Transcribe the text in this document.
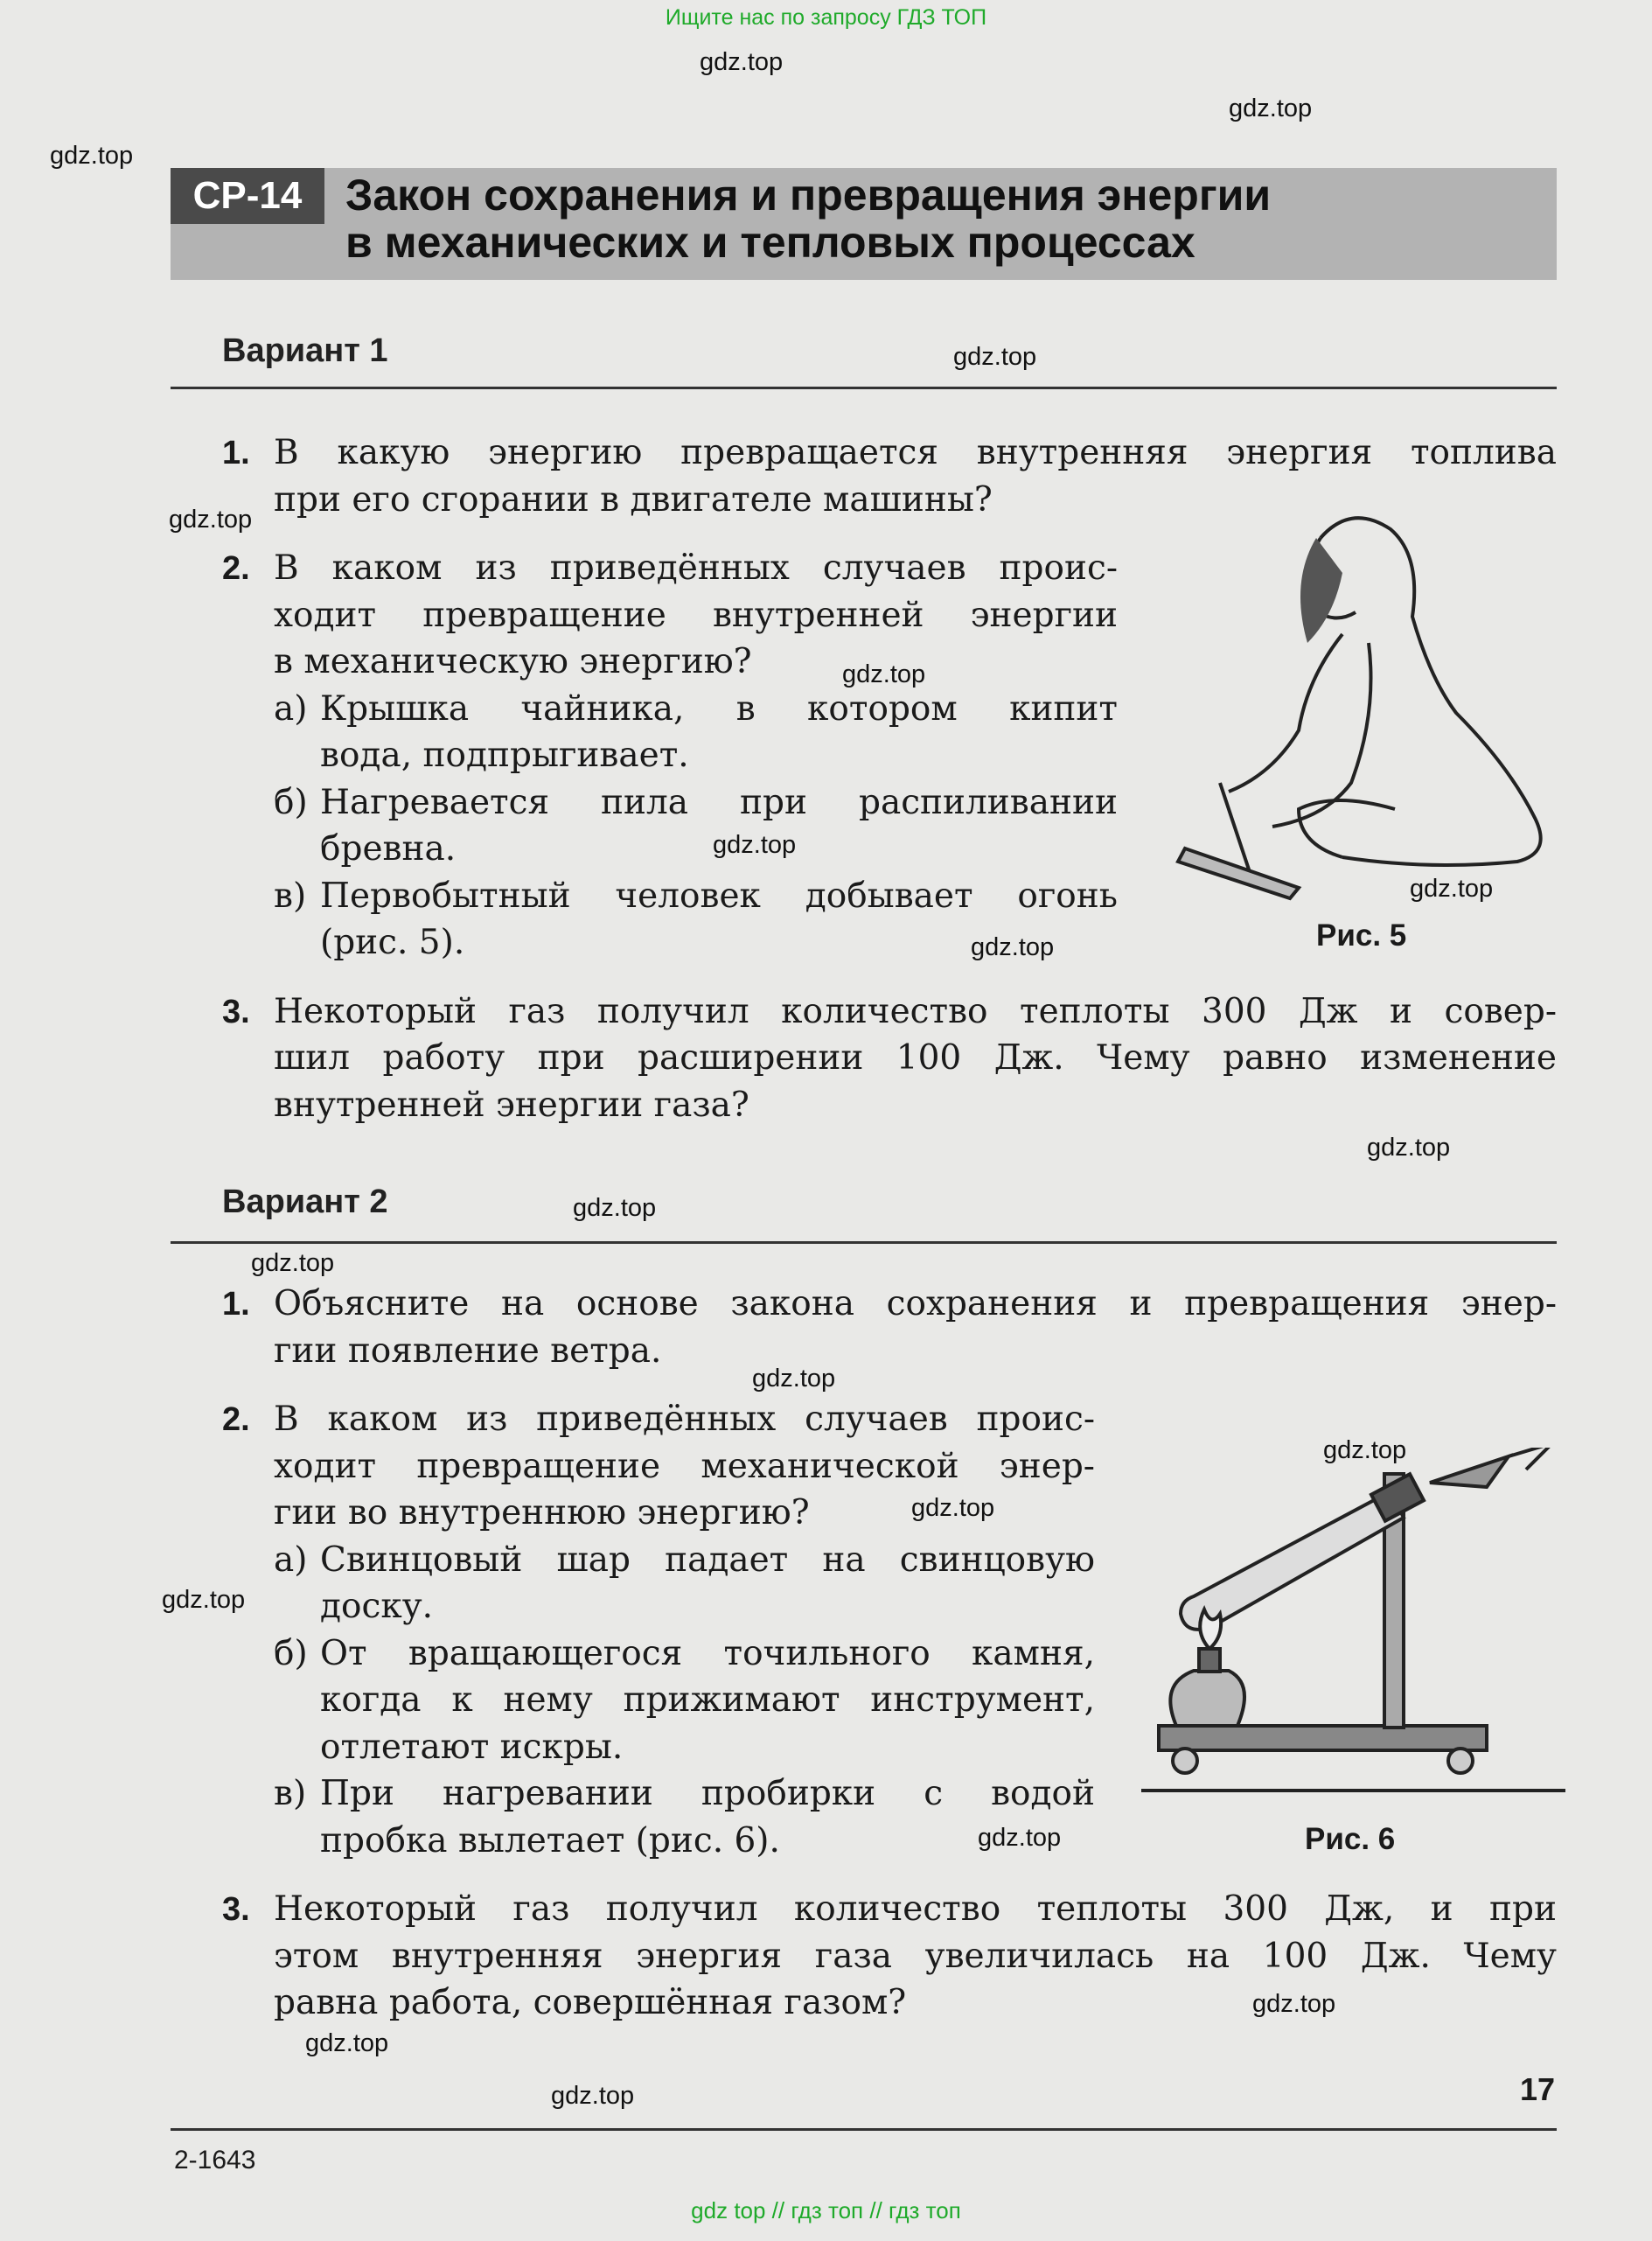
Ищите нас по запросу ГДЗ ТОП
СР-14 Закон сохранения и превращения энергии
в механических и тепловых процессах
Вариант 1
Вариант 2
1. В какую энергию превращается внутренняя энергия топлива
при его сгорании в двигателе машины?
2. В каком из приведённых случаев проис-
ходит превращение внутренней энергии
в механическую энергию?
а) Крышка чайника, в котором кипит
вода, подпрыгивает.
б) Нагревается пила при распиливании
бревна.
в) Первобытный человек добывает огонь
(рис. 5).
3. Некоторый газ получил количество теплоты 300 Дж и совер-
шил работу при расширении 100 Дж. Чему равно изменение
внутренней энергии газа?
1. Объясните на основе закона сохранения и превращения энер-
гии появление ветра.
2. В каком из приведённых случаев проис-
ходит превращение механической энер-
гии во внутреннюю энергию?
а) Свинцовый шар падает на свинцовую
доску.
б) От вращающегося точильного камня,
когда к нему прижимают инструмент,
отлетают искры.
в) При нагревании пробирки с водой
пробка вылетает (рис. 6).
3. Некоторый газ получил количество теплоты 300 Дж, и при
этом внутренняя энергия газа увеличилась на 100 Дж. Чему
равна работа, совершённая газом?
Рис. 5
Рис. 6
17
2-1643
gdz top // гдз топ // гдз топ
gdz.top
gdz.top
gdz.top
gdz.top
gdz.top
gdz.top
gdz.top
gdz.top
gdz.top
gdz.top
gdz.top
gdz.top
gdz.top
gdz.top
gdz.top
gdz.top
gdz.top
gdz.top
gdz.top
gdz.top
